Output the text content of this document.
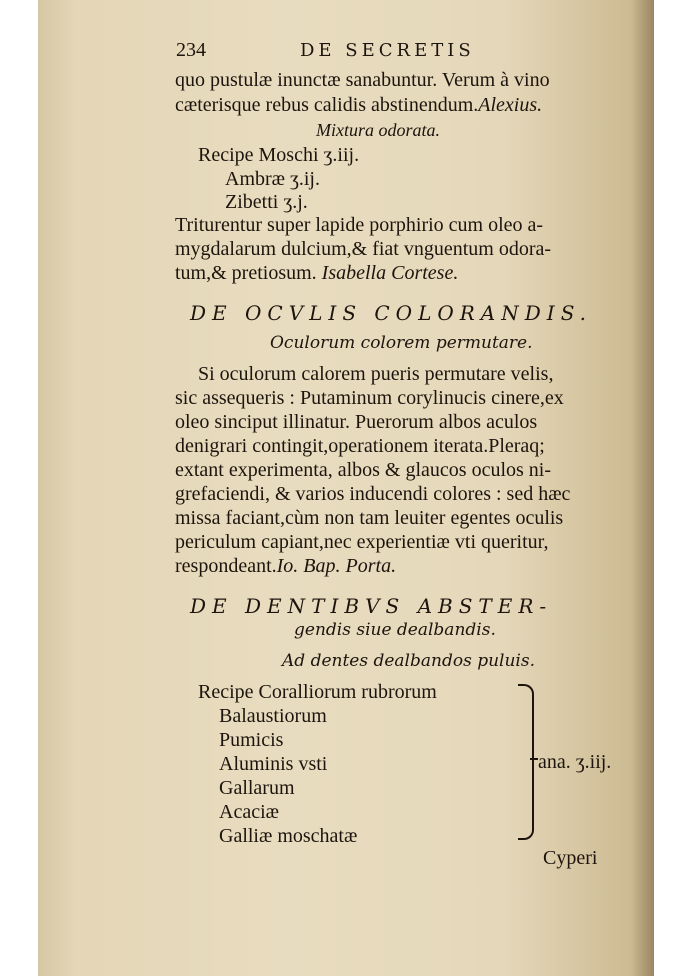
234	DE SECRETIS
quo pustulæ inunctæ sanabuntur. Verum à vino
cæterisque rebus calidis abstinendum.Alexius.
Mixtura odorata.
Recipe Moschi ʒ.iij.
Ambræ ʒ.ij.
Zibetti ʒ.j.
Triturentur super lapide porphirio cum oleo a-
mygdalarum dulcium,& fiat vnguentum odora-
tum,& pretiosum. Isabella Cortese.
DE OCVLIS COLORANDIS.
Oculorum colorem permutare.
Si oculorum calorem pueris permutare velis,
sic assequeris : Putaminum corylinucis cinere,ex
oleo sinciput illinatur. Puerorum albos aculos
denigrari contingit,operationem iterata.Pleraq;
extant experimenta, albos & glaucos oculos ni-
grefaciendi, & varios inducendi colores : sed hæc
missa faciant,cùm non tam leuiter egentes oculis
periculum capiant,nec experientiæ vti queritur,
respondeant.Io. Bap. Porta.
DE DENTIBVS ABSTER-
gendis siue dealbandis.
Ad dentes dealbandos puluis.
Recipe Coralliorum rubrorum
Balaustiorum
Pumicis
Aluminis vsti
Gallarum
Acaciæ
Galliæ moschatæ
ana. ʒ.iij.
Cyperi
